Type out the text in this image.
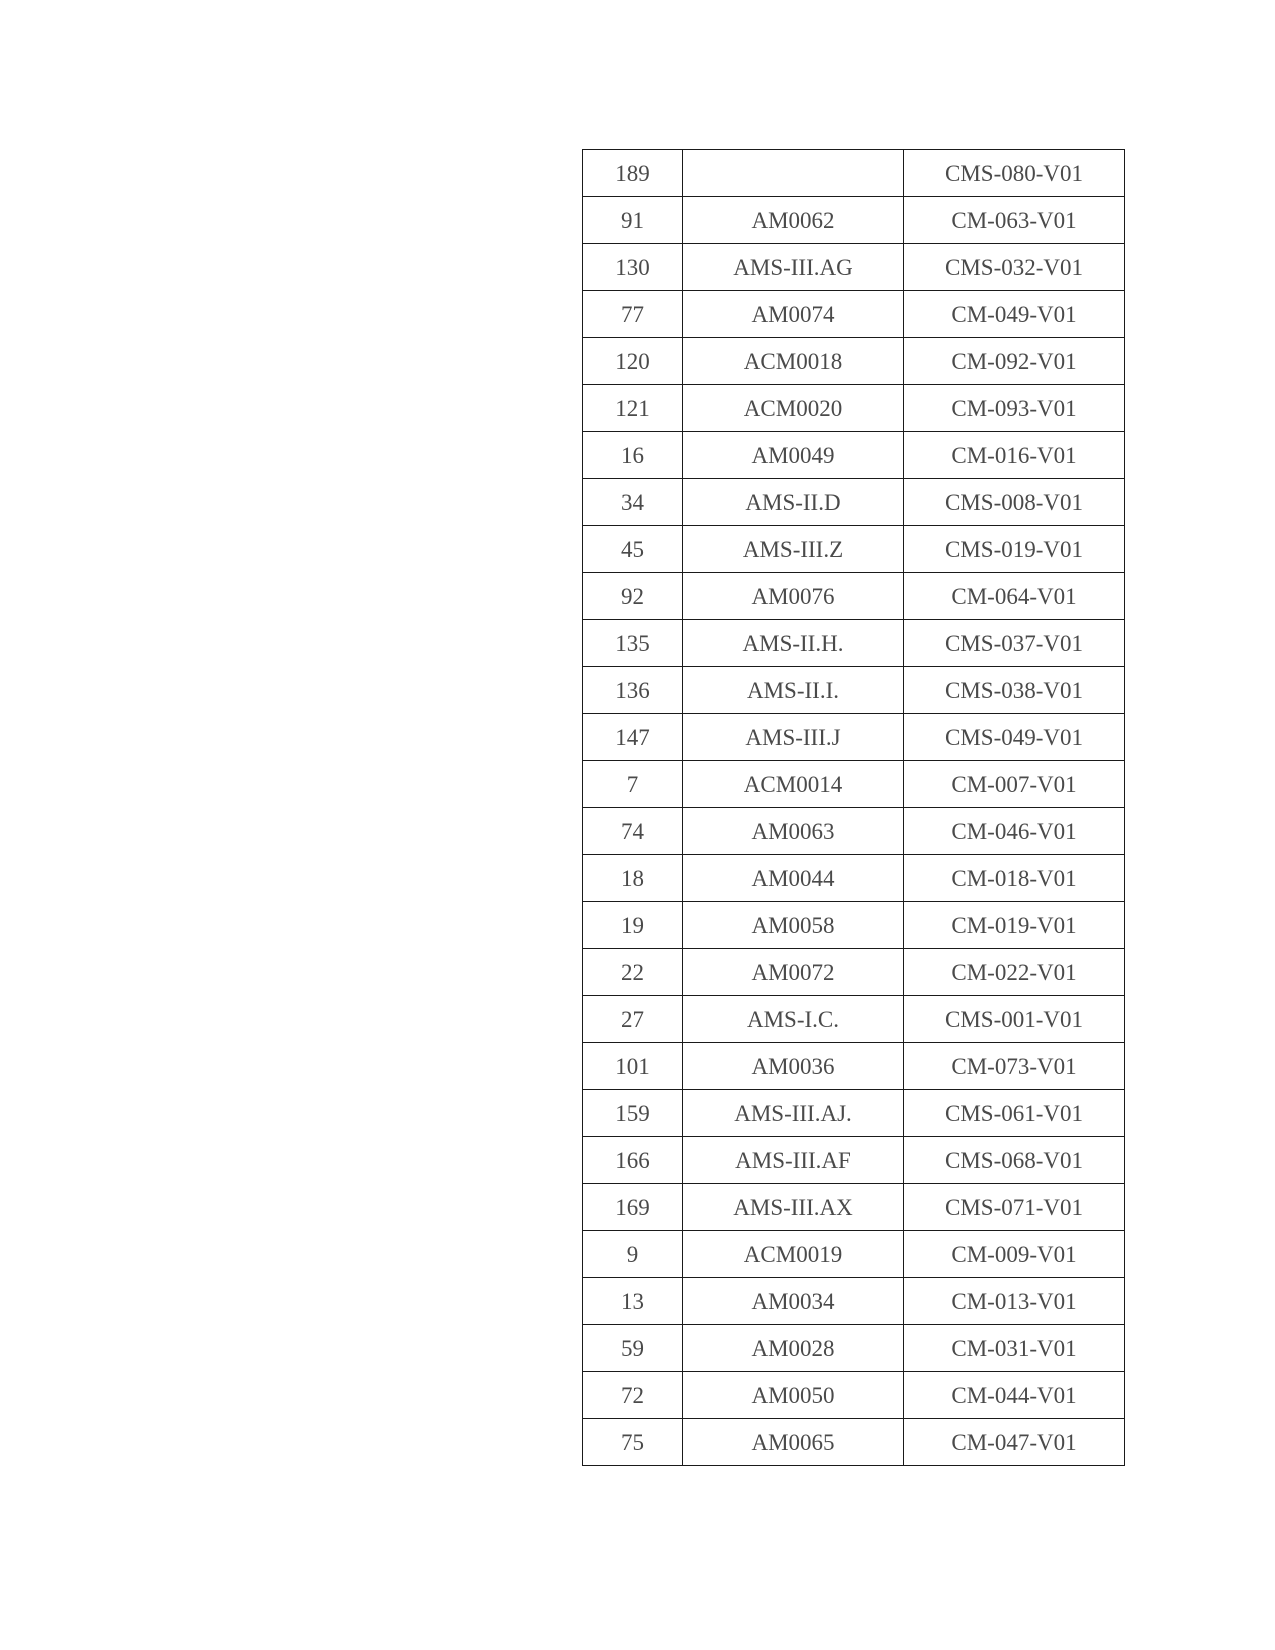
189		CMS-080-V01
91	AM0062	CM-063-V01
130	AMS-III.AG	CMS-032-V01
77	AM0074	CM-049-V01
120	ACM0018	CM-092-V01
121	ACM0020	CM-093-V01
16	AM0049	CM-016-V01
34	AMS-II.D	CMS-008-V01
45	AMS-III.Z	CMS-019-V01
92	AM0076	CM-064-V01
135	AMS-II.H.	CMS-037-V01
136	AMS-II.I.	CMS-038-V01
147	AMS-III.J	CMS-049-V01
7	ACM0014	CM-007-V01
74	AM0063	CM-046-V01
18	AM0044	CM-018-V01
19	AM0058	CM-019-V01
22	AM0072	CM-022-V01
27	AMS-I.C.	CMS-001-V01
101	AM0036	CM-073-V01
159	AMS-III.AJ.	CMS-061-V01
166	AMS-III.AF	CMS-068-V01
169	AMS-III.AX	CMS-071-V01
9	ACM0019	CM-009-V01
13	AM0034	CM-013-V01
59	AM0028	CM-031-V01
72	AM0050	CM-044-V01
75	AM0065	CM-047-V01
